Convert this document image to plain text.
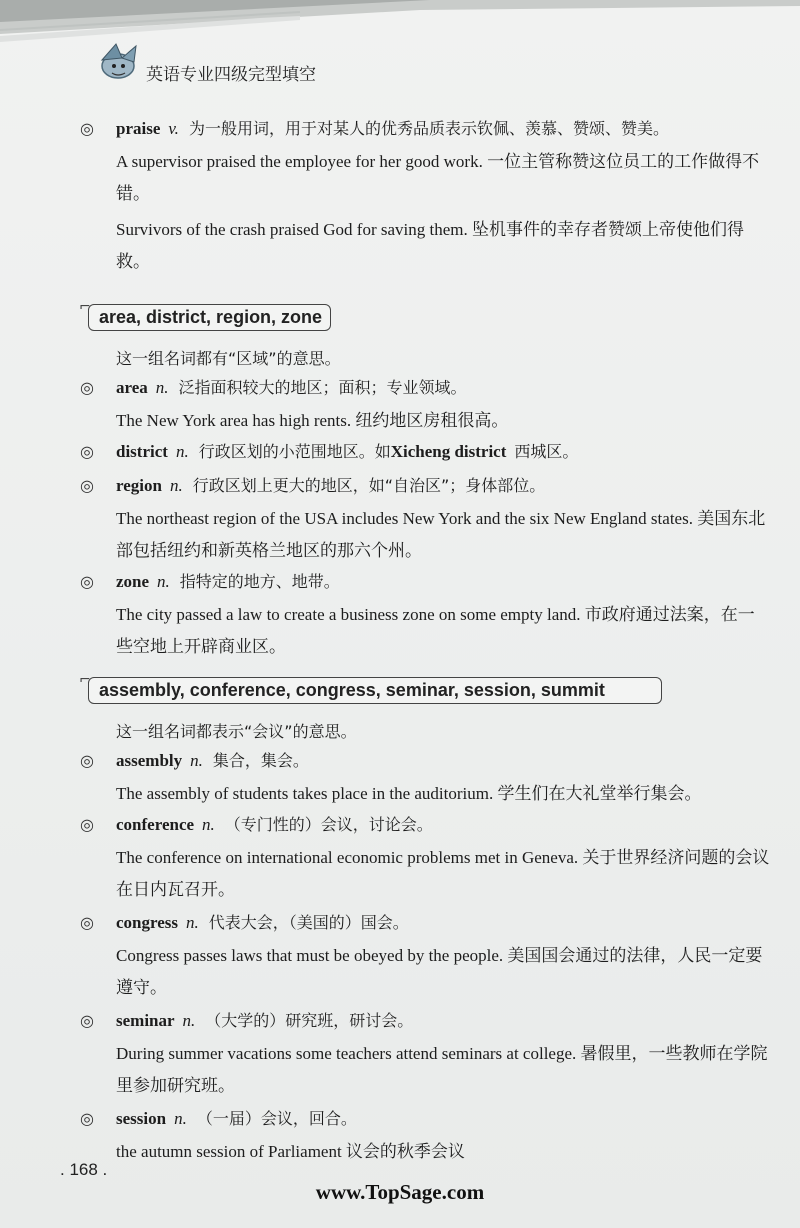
英语专业四级完型填空
◎	praise v. 为一般用词，用于对某人的优秀品质表示钦佩、羡慕、赞颂、赞美。
A supervisor praised the employee for her good work. 一位主管称赞这位员工的工作做得不错。
Survivors of the crash praised God for saving them. 坠机事件的幸存者赞颂上帝使他们得救。
⌐ area, district, region, zone
这一组名词都有“区域”的意思。
◎	area n. 泛指面积较大的地区；面积；专业领域。
The New York area has high rents. 纽约地区房租很高。
◎	district n. 行政区划的小范围地区。如Xicheng district 西城区。
◎	region n. 行政区划上更大的地区，如“自治区”；身体部位。
The northeast region of the USA includes New York and the six New England states. 美国东北部包括纽约和新英格兰地区的那六个州。
◎	zone n. 指特定的地方、地带。
The city passed a law to create a business zone on some empty land. 市政府通过法案，在一些空地上开辟商业区。
⌐ assembly, conference, congress, seminar, session, summit
这一组名词都表示“会议”的意思。
◎	assembly n. 集合，集会。
The assembly of students takes place in the auditorium. 学生们在大礼堂举行集会。
◎	conference n. （专门性的）会议，讨论会。
The conference on international economic problems met in Geneva. 关于世界经济问题的会议在日内瓦召开。
◎	congress n. 代表大会，（美国的）国会。
Congress passes laws that must be obeyed by the people. 美国国会通过的法律，人民一定要遵守。
◎	seminar n. （大学的）研究班，研讨会。
During summer vacations some teachers attend seminars at college. 暑假里，一些教师在学院里参加研究班。
◎	session n. （一届）会议，回合。
the autumn session of Parliament 议会的秋季会议
. 168 .
www.TopSage.com
